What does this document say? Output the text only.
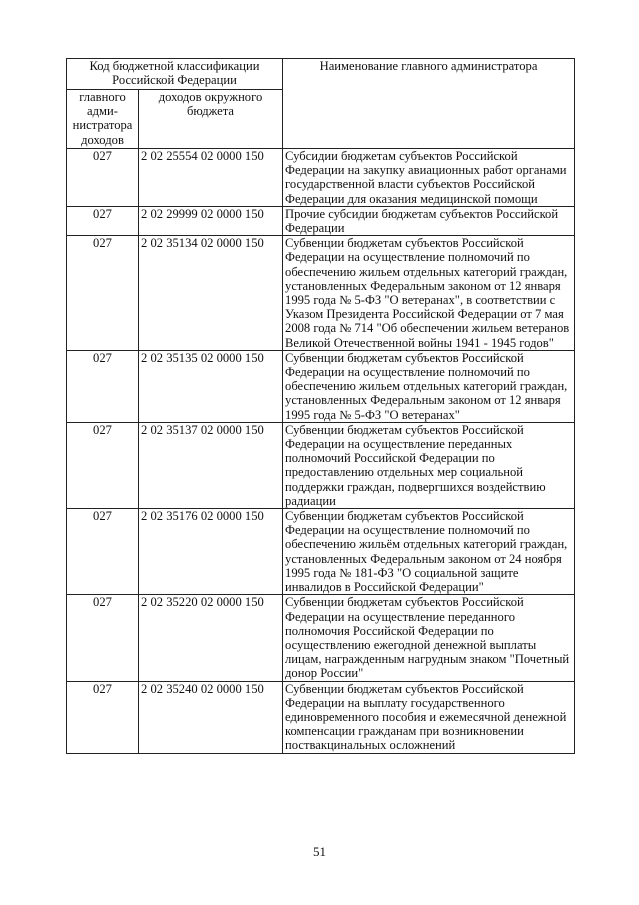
Код бюджетной классификации Российской Федерации		Наименование главного администратора
главного адми-нистратора доходов	доходов окружного бюджета	
027	2 02 25554 02 0000 150	Субсидии бюджетам субъектов Российской Федерации на закупку авиационных работ органами государственной власти субъектов Российской Федерации для оказания медицинской помощи
027	2 02 29999 02 0000 150	Прочие субсидии бюджетам субъектов Российской Федерации
027	2 02 35134 02 0000 150	Субвенции бюджетам субъектов Российской Федерации на осуществление полномочий по обеспечению жильем отдельных категорий граждан, установленных Федеральным законом от 12 января 1995 года № 5-ФЗ "О ветеранах", в соответствии с Указом Президента Российской Федерации от 7 мая 2008 года № 714 "Об обеспечении жильем ветеранов Великой Отечественной войны 1941 - 1945 годов"
027	2 02 35135 02 0000 150	Субвенции бюджетам субъектов Российской Федерации на осуществление полномочий по обеспечению жильем отдельных категорий граждан, установленных Федеральным законом от 12 января 1995 года № 5-ФЗ "О ветеранах"
027	2 02 35137 02 0000 150	Субвенции бюджетам субъектов Российской Федерации на осуществление переданных полномочий Российской Федерации по предоставлению отдельных мер социальной поддержки граждан, подвергшихся воздействию радиации
027	2 02 35176 02 0000 150	Субвенции бюджетам субъектов Российской Федерации на осуществление полномочий по обеспечению жильём отдельных категорий граждан, установленных Федеральным законом от 24 ноября 1995 года № 181-ФЗ "О социальной защите инвалидов в Российской Федерации"
027	2 02 35220 02 0000 150	Субвенции бюджетам субъектов Российской Федерации на осуществление переданного полномочия Российской Федерации по осуществлению ежегодной денежной выплаты лицам, награжденным нагрудным знаком "Почетный донор России"
027	2 02 35240 02 0000 150	Субвенции бюджетам субъектов Российской Федерации на выплату государственного единовременного пособия и ежемесячной денежной компенсации гражданам при возникновении поствакцинальных осложнений
51
